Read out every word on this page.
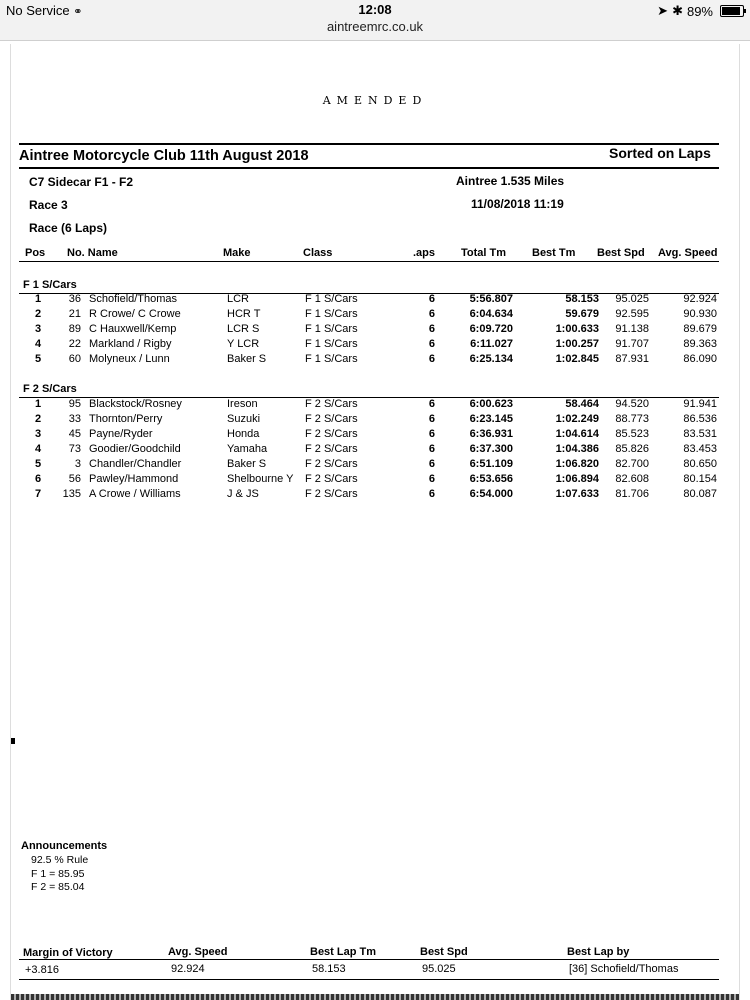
No Service ⚭	12:08
aintreemrc.co.uk
➤ ✱ 89%
AMENDED
Aintree Motorcycle Club 11th August 2018	Sorted on Laps
C7 Sidecar F1 - F2	Aintree 1.535 Miles
Race 3	11/08/2018 11:19
Race (6 Laps)
Pos No. Name	Make	Class	.aps Total Tm Best Tm Best Spd Avg. Speed
F 1 S/Cars
1	36 Schofield/Thomas	LCR	F 1 S/Cars	6	5:56.807	58.153	95.025	92.924
2	21 R Crowe/ C Crowe	HCR T	F 1 S/Cars	6	6:04.634	59.679	92.595	90.930
3	89 C Hauxwell/Kemp	LCR S	F 1 S/Cars	6	6:09.720	1:00.633	91.138	89.679
4	22 Markland / Rigby	Y LCR	F 1 S/Cars	6	6:11.027	1:00.257	91.707	89.363
5	60 Molyneux / Lunn	Baker S	F 1 S/Cars	6	6:25.134	1:02.845	87.931	86.090
F 2 S/Cars
1	95 Blackstock/Rosney	Ireson	F 2 S/Cars	6	6:00.623	58.464	94.520	91.941
2	33 Thornton/Perry	Suzuki	F 2 S/Cars	6	6:23.145	1:02.249	88.773	86.536
3	45 Payne/Ryder	Honda	F 2 S/Cars	6	6:36.931	1:04.614	85.523	83.531
4	73 Goodier/Goodchild	Yamaha	F 2 S/Cars	6	6:37.300	1:04.386	85.826	83.453
5	3 Chandler/Chandler	Baker S	F 2 S/Cars	6	6:51.109	1:06.820	82.700	80.650
6	56 Pawley/Hammond	Shelbourne Y F 2 S/Cars	6	6:53.656	1:06.894	82.608	80.154
7	135 A Crowe / Williams	J & JS	F 2 S/Cars	6	6:54.000	1:07.633	81.706	80.087
Announcements
92.5 % Rule
F 1 = 85.95
F 2 = 85.04
Margin of Victory	Avg. Speed	Best Lap Tm	Best Spd	Best Lap by
+3.816	92.924	58.153	95.025	[36] Schofield/Thomas
